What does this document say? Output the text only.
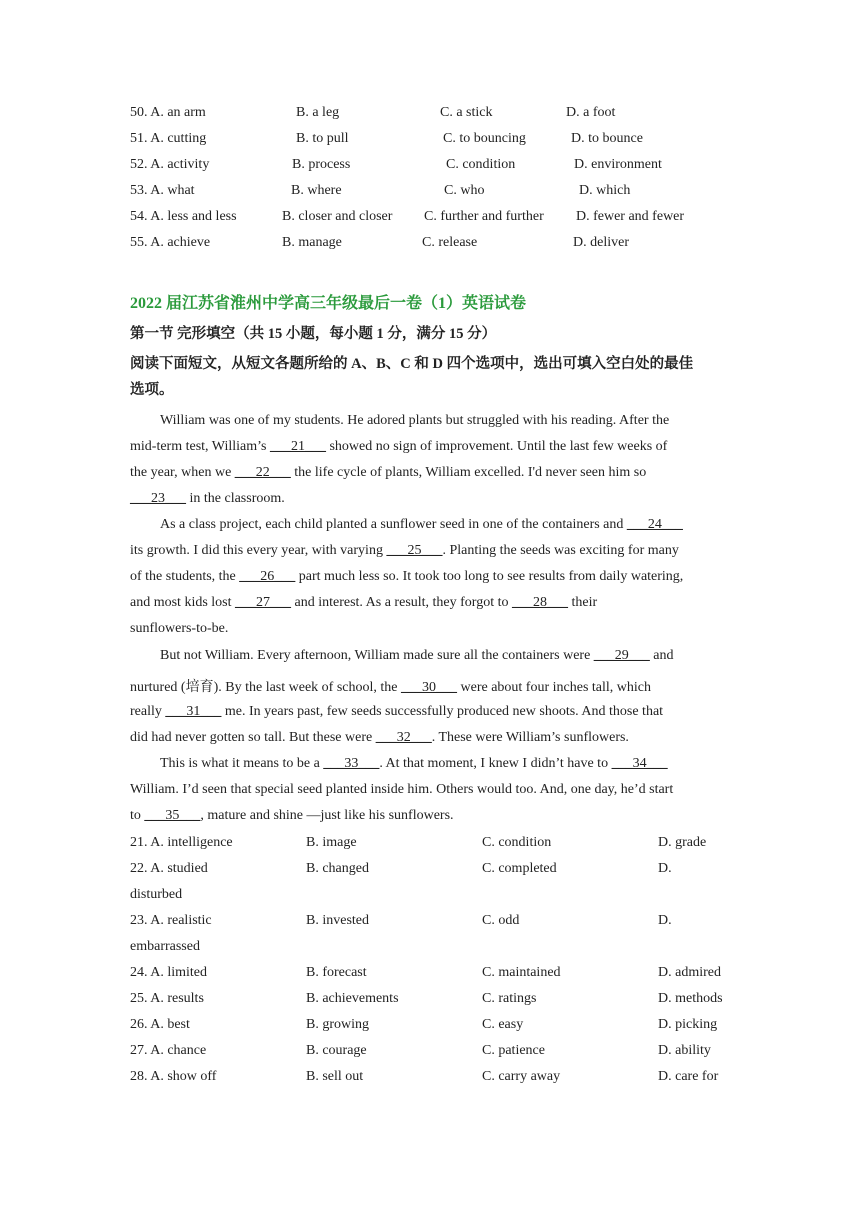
50. A. an arm	B. a leg	C. a stick	D. a foot
51. A. cutting	B. to pull	C. to bouncing	D. to bounce
52. A. activity	B. process	C. condition	D. environment
53. A. what	B. where	C. who	D. which
54. A. less and less	B. closer and closer C. further and further D. fewer and fewer
55. A. achieve	B. manage	C. release	D. deliver
2022 届江苏省淮州中学高三年级最后一卷（1）英语试卷
第一节 完形填空（共 15 小题，每小题 1 分，满分 15 分）
阅读下面短文，从短文各题所给的 A、B、C 和 D 四个选项中，选出可填入空白处的最佳
选项。
William was one of my students. He adored plants but struggled with his reading. After the
mid-term test, William’s ___21___ showed no sign of improvement. Until the last few weeks of
the year, when we ___22___ the life cycle of plants, William excelled. I'd never seen him so
___23___ in the classroom.
As a class project, each child planted a sunflower seed in one of the containers and ___24___
its growth. I did this every year, with varying ___25___. Planting the seeds was exciting for many
of the students, the ___26___ part much less so. It took too long to see results from daily watering,
and most kids lost ___27___ and interest. As a result, they forgot to ___28___ their
sunflowers-to-be.
But not William. Every afternoon, William made sure all the containers were ___29___ and
nurtured (培育). By the last week of school, the ___30___ were about four inches tall, which
really ___31___ me. In years past, few seeds successfully produced new shoots. And those that
did had never gotten so tall. But these were ___32___. These were William’s sunflowers.
This is what it means to be a ___33___. At that moment, I knew I didn’t have to ___34___
William. I’d seen that special seed planted inside him. Others would too. And, one day, he’d start
to ___35___, mature and shine —just like his sunflowers.
21. A. intelligence	B. image	C. condition	D. grade
22. A. studied	B. changed	C. completed	D.
disturbed
23. A. realistic	B. invested	C. odd	D.
embarrassed
24. A. limited	B. forecast	C. maintained	D. admired
25. A. results	B. achievements	C. ratings	D. methods
26. A. best	B. growing	C. easy	D. picking
27. A. chance	B. courage	C. patience	D. ability
28. A. show off	B. sell out	C. carry away	D. care for
